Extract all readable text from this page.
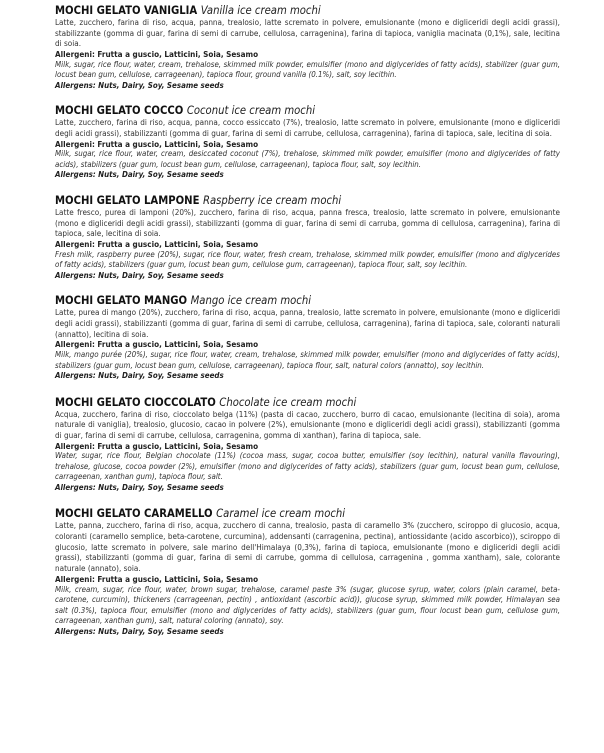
MOCHI GELATO VANIGLIA Vanilla ice cream mochi

Latte, zucchero, farina di riso, acqua, panna, trealosio, latte scremato in polvere, emulsionante (mono e digliceridi degli acidi grassi), stabilizzante (gomma di guar, farina di semi di carrube, cellulosa, carragenina), farina di tapioca, vaniglia macinata (0,1%), sale, lecitina di soia.

Allergeni: Frutta a guscio, Latticini, Soia, Sesamo

Milk, sugar, rice flour, water, cream, trehalose, skimmed milk powder, emulsifier (mono and diglycerides of fatty acids), stabilizer (guar gum, locust bean gum, cellulose, carrageenan), tapioca flour, ground vanilla (0.1%), salt, soy lecithin.

Allergens: Nuts, Dairy, Soy, Sesame seeds

MOCHI GELATO COCCO Coconut ice cream mochi

Latte, zucchero, farina di riso, acqua, panna, cocco essiccato (7%), trealosio, latte scremato in polvere, emulsionante (mono e digliceridi degli acidi grassi), stabilizzanti (gomma di guar, farina di semi di carrube, cellulosa, carragenina), farina di tapioca, sale, lecitina di soia.

Allergeni: Frutta a guscio, Latticini, Soia, Sesamo

Milk, sugar, rice flour, water, cream, desiccated coconut (7%), trehalose, skimmed milk powder, emulsifier (mono and diglycerides of fatty acids), stabilizers (guar gum, locust bean gum, cellulose, carrageenan), tapioca flour, salt, soy lecithin.

Allergens: Nuts, Dairy, Soy, Sesame seeds

MOCHI GELATO LAMPONE Raspberry ice cream mochi

Latte fresco, purea di lamponi (20%), zucchero, farina di riso, acqua, panna fresca, trealosio, latte scremato in polvere, emulsionante (mono e digliceridi degli acidi grassi), stabilizzanti (gomma di guar, farina di semi di carruba, gomma di cellulosa, carragenina), farina di tapioca, sale, lecitina di soia.

Allergeni: Frutta a guscio, Latticini, Soia, Sesamo

Fresh milk, raspberry puree (20%), sugar, rice flour, water, fresh cream, trehalose, skimmed milk powder, emulsifier (mono and diglycerides of fatty acids), stabilizers (guar gum, locust bean gum, cellulose gum, carrageenan), tapioca flour, salt, soy lecithin.

Allergens: Nuts, Dairy, Soy, Sesame seeds

MOCHI GELATO MANGO Mango ice cream mochi

Latte, purea di mango (20%), zucchero, farina di riso, acqua, panna, trealosio, latte scremato in polvere, emulsionante (mono e digliceridi degli acidi grassi), stabilizzanti (gomma di guar, farina di semi di carrube, cellulosa, carragenina), farina di tapioca, sale, coloranti naturali (annatto), lecitina di soia.

Allergeni: Frutta a guscio, Latticini, Soia, Sesamo

Milk, mango purée (20%), sugar, rice flour, water, cream, trehalose, skimmed milk powder, emulsifier (mono and diglycerides of fatty acids), stabilizers (guar gum, locust bean gum, cellulose, carrageenan), tapioca flour, salt, natural colors (annatto), soy lecithin.

Allergens: Nuts, Dairy, Soy, Sesame seeds

MOCHI GELATO CIOCCOLATO Chocolate ice cream mochi

Acqua, zucchero, farina di riso, cioccolato belga (11%) (pasta di cacao, zucchero, burro di cacao, emulsionante (lecitina di soia), aroma naturale di vaniglia), trealosio, glucosio, cacao in polvere (2%), emulsionante (mono e digliceridi degli acidi grassi), stabilizzanti (gomma di guar, farina di semi di carrube, cellulosa, carragenina, gomma di xanthan), farina di tapioca, sale.

Allergeni: Frutta a guscio, Latticini, Soia, Sesamo

Water, sugar, rice flour, Belgian chocolate (11%) (cocoa mass, sugar, cocoa butter, emulsifier (soy lecithin), natural vanilla flavouring), trehalose, glucose, cocoa powder (2%), emulsifier (mono and diglycerides of fatty acids), stabilizers (guar gum, locust bean gum, cellulose, carrageenan, xanthan gum), tapioca flour, salt.

Allergens: Nuts, Dairy, Soy, Sesame seeds

MOCHI GELATO CARAMELLO Caramel ice cream mochi

Latte, panna, zucchero, farina di riso, acqua, zucchero di canna, trealosio, pasta di caramello 3% (zucchero, sciroppo di glucosio, acqua, coloranti (caramello semplice, beta-carotene, curcumina), addensanti (carragenina, pectina), antiossidante (acido ascorbico)), sciroppo di glucosio, latte scremato in polvere, sale marino dell'Himalaya (0,3%), farina di tapioca, emulsionante (mono e digliceridi degli acidi grassi), stabilizzanti (gomma di guar, farina di semi di carrube, gomma di cellulosa, carragenina , gomma xantham), sale, colorante naturale (annato), soia.

Allergeni: Frutta a guscio, Latticini, Soia, Sesamo

Milk, cream, sugar, rice flour, water, brown sugar, trehalose, caramel paste 3% (sugar, glucose syrup, water, colors (plain caramel, beta-carotene, curcumin), thickeners (carrageenan, pectin) , antioxidant (ascorbic acid)), glucose syrup, skimmed milk powder, Himalayan sea salt (0.3%), tapioca flour, emulsifier (mono and diglycerides of fatty acids), stabilizers (guar gum, flour locust bean gum, cellulose gum, carrageenan, xanthan gum), salt, natural coloring (annato), soy.

Allergens: Nuts, Dairy, Soy, Sesame seeds
